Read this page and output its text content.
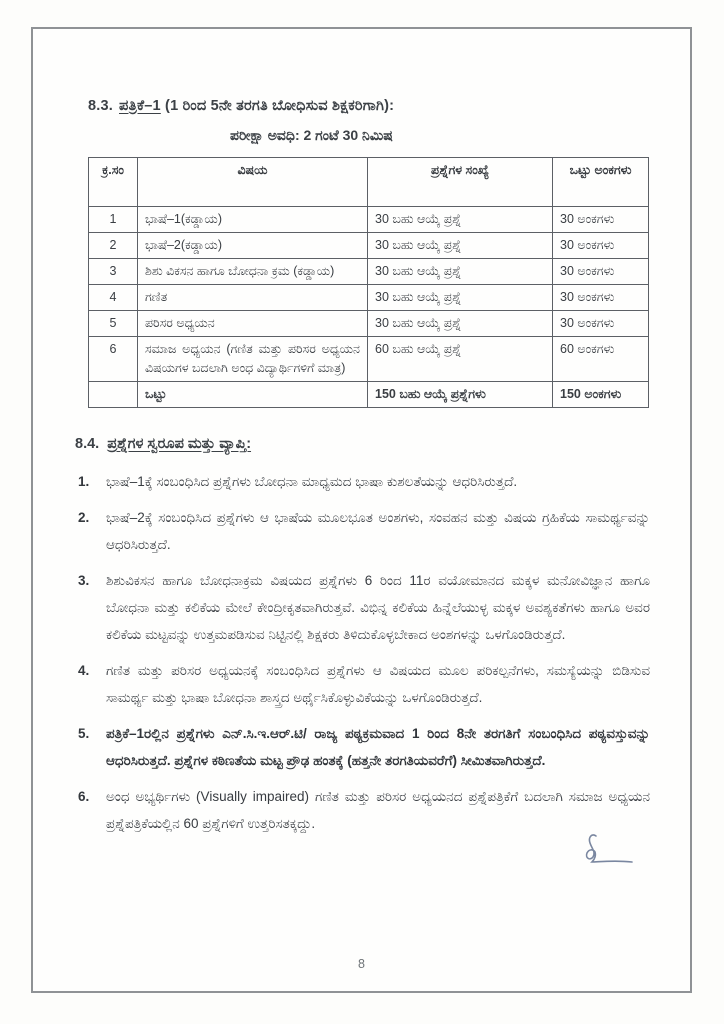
8.3. ಪತ್ರಿಕೆ–1 (1 ರಿಂದ 5ನೇ ತರಗತಿ ಬೋಧಿಸುವ ಶಿಕ್ಷಕರಿಗಾಗಿ):
ಪರೀಕ್ಷಾ ಅವಧಿ: 2 ಗಂಟೆ 30 ನಿಮಿಷ
ಕ್ರ.ಸಂ	ವಿಷಯ	ಪ್ರಶ್ನೆಗಳ ಸಂಖ್ಯೆ	ಒಟ್ಟು ಅಂಕಗಳು
1	ಭಾಷೆ–1(ಕಡ್ಡಾಯ)	30 ಬಹು ಆಯ್ಕೆ ಪ್ರಶ್ನೆ	30 ಅಂಕಗಳು
2	ಭಾಷೆ–2(ಕಡ್ಡಾಯ)	30 ಬಹು ಆಯ್ಕೆ ಪ್ರಶ್ನೆ	30 ಅಂಕಗಳು
3	ಶಿಶು ವಿಕಸನ ಹಾಗೂ ಬೋಧನಾ ಕ್ರಮ (ಕಡ್ಡಾಯ)	30 ಬಹು ಆಯ್ಕೆ ಪ್ರಶ್ನೆ	30 ಅಂಕಗಳು
4	ಗಣಿತ	30 ಬಹು ಆಯ್ಕೆ ಪ್ರಶ್ನೆ	30 ಅಂಕಗಳು
5	ಪರಿಸರ ಅಧ್ಯಯನ	30 ಬಹು ಆಯ್ಕೆ ಪ್ರಶ್ನೆ	30 ಅಂಕಗಳು
6	ಸಮಾಜ ಅಧ್ಯಯನ (ಗಣಿತ ಮತ್ತು ಪರಿಸರ ಅಧ್ಯಯನ ವಿಷಯಗಳ ಬದಲಾಗಿ ಅಂಧ ವಿದ್ಯಾರ್ಥಿಗಳಿಗೆ ಮಾತ್ರ)	60 ಬಹು ಆಯ್ಕೆ ಪ್ರಶ್ನೆ	60 ಅಂಕಗಳು
	ಒಟ್ಟು	150 ಬಹು ಆಯ್ಕೆ ಪ್ರಶ್ನೆಗಳು	150 ಅಂಕಗಳು
8.4. ಪ್ರಶ್ನೆಗಳ ಸ್ವರೂಪ ಮತ್ತು ವ್ಯಾಪ್ತಿ:
1.	ಭಾಷೆ–1ಕ್ಕೆ ಸಂಬಂಧಿಸಿದ ಪ್ರಶ್ನೆಗಳು ಬೋಧನಾ ಮಾಧ್ಯಮದ ಭಾಷಾ ಕುಶಲತೆಯನ್ನು ಆಧರಿಸಿರುತ್ತದೆ.
2.	ಭಾಷೆ–2ಕ್ಕೆ ಸಂಬಂಧಿಸಿದ ಪ್ರಶ್ನೆಗಳು ಆ ಭಾಷೆಯ ಮೂಲಭೂತ ಅಂಶಗಳು, ಸಂವಹನ ಮತ್ತು ವಿಷಯ ಗ್ರಹಿಕೆಯ ಸಾಮರ್ಥ್ಯವನ್ನು ಆಧರಿಸಿರುತ್ತದೆ.
3.	ಶಿಶುವಿಕಸನ ಹಾಗೂ ಬೋಧನಾಕ್ರಮ ವಿಷಯದ ಪ್ರಶ್ನೆಗಳು 6 ರಿಂದ 11ರ ವಯೋಮಾನದ ಮಕ್ಕಳ ಮನೋವಿಜ್ಞಾನ ಹಾಗೂ ಬೋಧನಾ ಮತ್ತು ಕಲಿಕೆಯ ಮೇಲೆ ಕೇಂದ್ರೀಕೃತವಾಗಿರುತ್ತವೆ. ವಿಭಿನ್ನ ಕಲಿಕೆಯ ಹಿನ್ನೆಲೆಯುಳ್ಳ ಮಕ್ಕಳ ಅವಶ್ಯಕತೆಗಳು ಹಾಗೂ ಅವರ ಕಲಿಕೆಯ ಮಟ್ಟವನ್ನು ಉತ್ತಮಪಡಿಸುವ ನಿಟ್ಟಿನಲ್ಲಿ ಶಿಕ್ಷಕರು ತಿಳಿದುಕೊಳ್ಳಬೇಕಾದ ಅಂಶಗಳನ್ನು ಒಳಗೊಂಡಿರುತ್ತದೆ.
4.	ಗಣಿತ ಮತ್ತು ಪರಿಸರ ಅಧ್ಯಯನಕ್ಕೆ ಸಂಬಂಧಿಸಿದ ಪ್ರಶ್ನೆಗಳು ಆ ವಿಷಯದ ಮೂಲ ಪರಿಕಲ್ಪನೆಗಳು, ಸಮಸ್ಯೆಯನ್ನು ಬಿಡಿಸುವ ಸಾಮರ್ಥ್ಯ ಮತ್ತು ಭಾಷಾ ಬೋಧನಾ ಶಾಸ್ತ್ರದ ಅರ್ಥೈಸಿಕೊಳ್ಳುವಿಕೆಯನ್ನು ಒಳಗೊಂಡಿರುತ್ತದೆ.
5.	ಪತ್ರಿಕೆ–1ರಲ್ಲಿನ ಪ್ರಶ್ನೆಗಳು ಎನ್.ಸಿ.ಇ.ಆರ್.ಟಿ/ ರಾಜ್ಯ ಪಠ್ಯಕ್ರಮವಾದ 1 ರಿಂದ 8ನೇ ತರಗತಿಗೆ ಸಂಬಂಧಿಸಿದ ಪಠ್ಯವಸ್ತುವನ್ನು ಆಧರಿಸಿರುತ್ತದೆ. ಪ್ರಶ್ನೆಗಳ ಕಠಿಣತೆಯ ಮಟ್ಟ ಪ್ರೌಢ ಹಂತಕ್ಕೆ (ಹತ್ತನೇ ತರಗತಿಯವರೆಗೆ) ಸೀಮಿತವಾಗಿರುತ್ತದೆ.
6.	ಅಂಧ ಅಭ್ಯರ್ಥಿಗಳು (Visually impaired) ಗಣಿತ ಮತ್ತು ಪರಿಸರ ಅಧ್ಯಯನದ ಪ್ರಶ್ನೆಪತ್ರಿಕೆಗೆ ಬದಲಾಗಿ ಸಮಾಜ ಅಧ್ಯಯನ ಪ್ರಶ್ನೆಪತ್ರಿಕೆಯಲ್ಲಿನ 60 ಪ್ರಶ್ನೆಗಳಿಗೆ ಉತ್ತರಿಸತಕ್ಕದ್ದು.
8
